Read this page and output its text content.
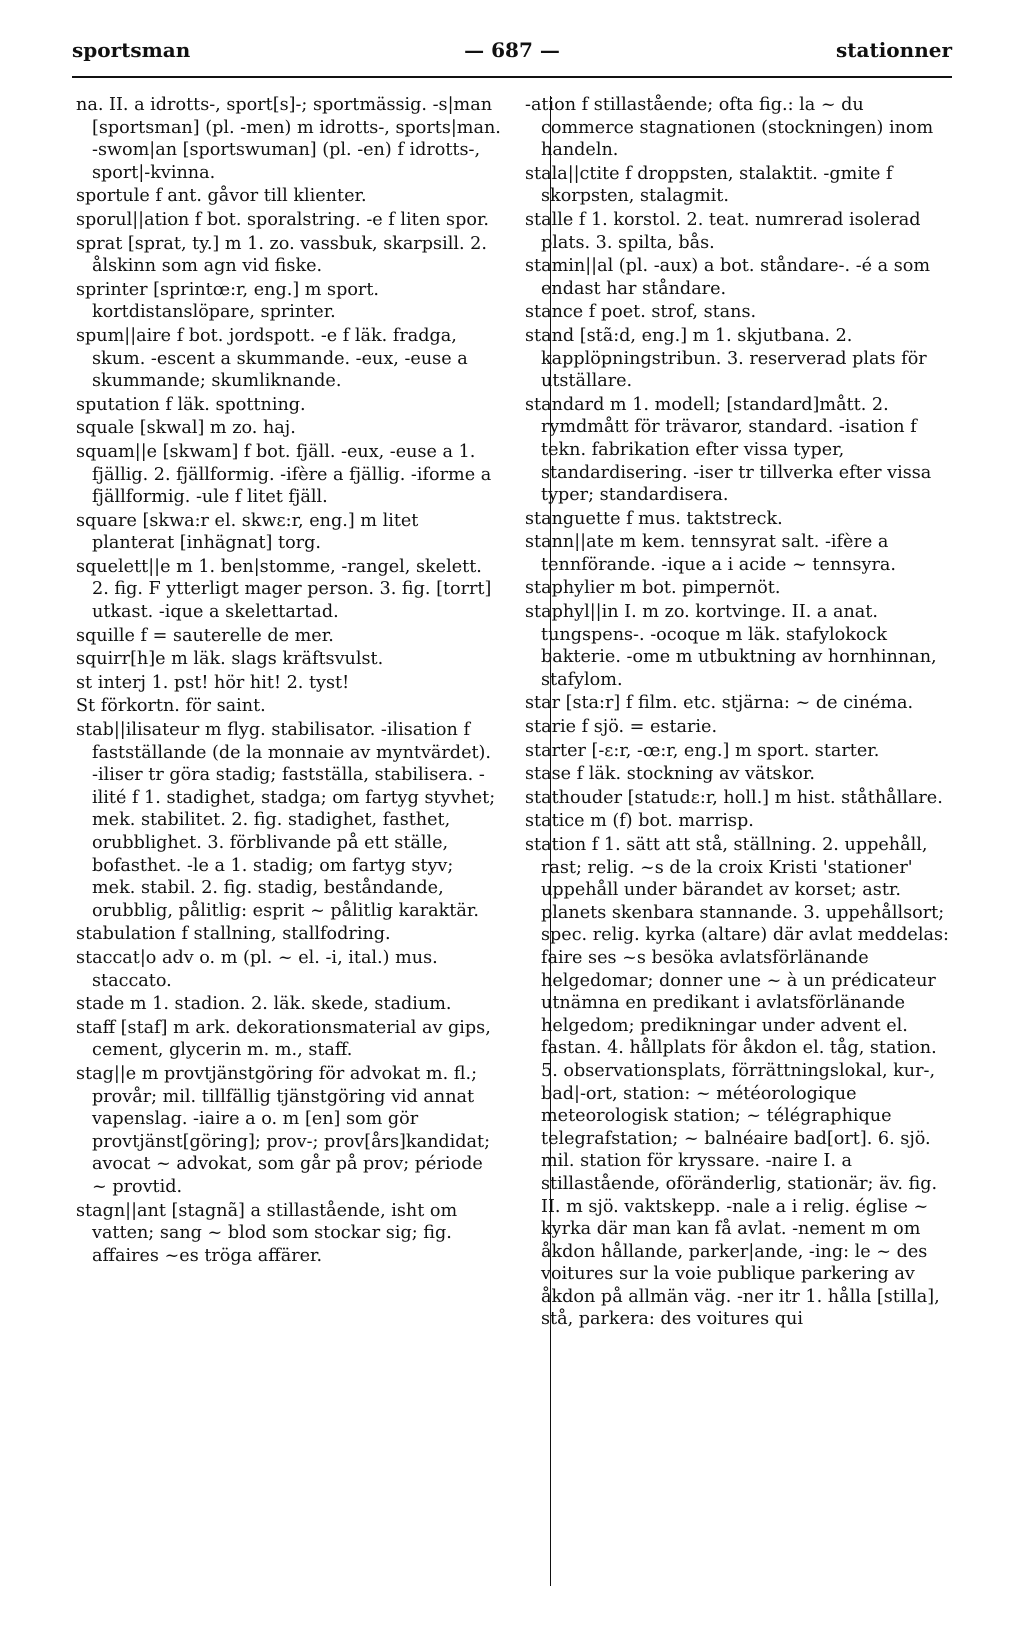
sportsman	— 687 —	stationner

na. II. a idrotts-, sport[s]-; sportmässig. -s|man [sportsman] (pl. -men) m idrotts-, sports|man. -swom|an [sportswuman] (pl. -en) f idrotts-, sport|-kvinna.

sportule f ant. gåvor till klienter.

sporul||ation f bot. sporalstring. -e f liten spor.

sprat [sprat, ty.] m 1. zo. vassbuk, skarpsill. 2. ålskinn som agn vid fiske.

sprinter [sprintœ:r, eng.] m sport. kortdistanslöpare, sprinter.

spum||aire f bot. jordspott. -e f läk. fradga, skum. -escent a skummande. -eux, -euse a skummande; skumliknande.

sputation f läk. spottning.

squale [skwal] m zo. haj.

squam||e [skwam] f bot. fjäll. -eux, -euse a 1. fjällig. 2. fjällformig. -ifère a fjällig. -iforme a fjällformig. -ule f litet fjäll.

square [skwa:r el. skwɛ:r, eng.] m litet planterat [inhägnat] torg.

squelett||e m 1. ben|stomme, -rangel, skelett. 2. fig. F ytterligt mager person. 3. fig. [torrt] utkast. -ique a skelettartad.

squille f = sauterelle de mer.

squirr[h]e m läk. slags kräftsvulst.

st interj 1. pst! hör hit! 2. tyst!

St förkortn. för saint.

stab||ilisateur m flyg. stabilisator. -ilisation f fastställande (de la monnaie av myntvärdet). -iliser tr göra stadig; fastställa, stabilisera. -ilité f 1. stadighet, stadga; om fartyg styvhet; mek. stabilitet. 2. fig. stadighet, fasthet, orubblighet. 3. förblivande på ett ställe, bofasthet. -le a 1. stadig; om fartyg styv; mek. stabil. 2. fig. stadig, beståndande, orubblig, pålitlig: esprit ~ pålitlig karaktär.

stabulation f stallning, stallfodring.

staccat|o adv o. m (pl. ~ el. -i, ital.) mus. staccato.

stade m 1. stadion. 2. läk. skede, stadium.

staff [staf] m ark. dekorationsmaterial av gips, cement, glycerin m. m., staff.

stag||e m provtjänstgöring för advokat m. fl.; provår; mil. tillfällig tjänstgöring vid annat vapenslag. -iaire a o. m [en] som gör provtjänst[göring]; prov-; prov[års]kandidat; avocat ~ advokat, som går på prov; période ~ provtid.

stagn||ant [stagnã] a stillastående, isht om vatten; sang ~ blod som stockar sig; fig. affaires ~es tröga affärer.

-ation f stillastående; ofta fig.: la ~ du commerce stagnationen (stockningen) inom handeln.

stala||ctite f droppsten, stalaktit. -gmite f skorpsten, stalagmit.

stalle f 1. korstol. 2. teat. numrerad isolerad plats. 3. spilta, bås.

stamin||al (pl. -aux) a bot. ståndare-. -é a som endast har ståndare.

stance f poet. strof, stans.

stand [stã:d, eng.] m 1. skjutbana. 2. kapplöpningstribun. 3. reserverad plats för utställare.

standard m 1. modell; [standard]mått. 2. rymdmått för trävaror, standard. -isation f tekn. fabrikation efter vissa typer, standardisering. -iser tr tillverka efter vissa typer; standardisera.

stanguette f mus. taktstreck.

stann||ate m kem. tennsyrat salt. -ifère a tennförande. -ique a i acide ~ tennsyra.

staphylier m bot. pimpernöt.

staphyl||in I. m zo. kortvinge. II. a anat. tungspens-. -ocoque m läk. stafylokock bakterie. -ome m utbuktning av hornhinnan, stafylom.

star [sta:r] f film. etc. stjärna: ~ de cinéma.

starie f sjö. = estarie.

starter [-ɛ:r, -œ:r, eng.] m sport. starter.

stase f läk. stockning av vätskor.

stathouder [statudɛ:r, holl.] m hist. ståthållare.

statice m (f) bot. marrisp.

station f 1. sätt att stå, ställning. 2. uppehåll, rast; relig. ~s de la croix Kristi 'stationer' uppehåll under bärandet av korset; astr. planets skenbara stannande. 3. uppehållsort; spec. relig. kyrka (altare) där avlat meddelas: faire ses ~s besöka avlatsförlänande helgedomar; donner une ~ à un prédicateur utnämna en predikant i avlatsförlänande helgedom; predikningar under advent el. fastan. 4. hållplats för åkdon el. tåg, station. 5. observationsplats, förrättningslokal, kur-, bad|-ort, station: ~ météorologique meteorologisk station; ~ télégraphique telegrafstation; ~ balnéaire bad[ort]. 6. sjö. mil. station för kryssare. -naire I. a stillastående, oföränderlig, stationär; äv. fig. II. m sjö. vaktskepp. -nale a i relig. église ~ kyrka där man kan få avlat. -nement m om åkdon hållande, parker|ande, -ing: le ~ des voitures sur la voie publique parkering av åkdon på allmän väg. -ner itr 1. hålla [stilla], stå, parkera: des voitures qui
